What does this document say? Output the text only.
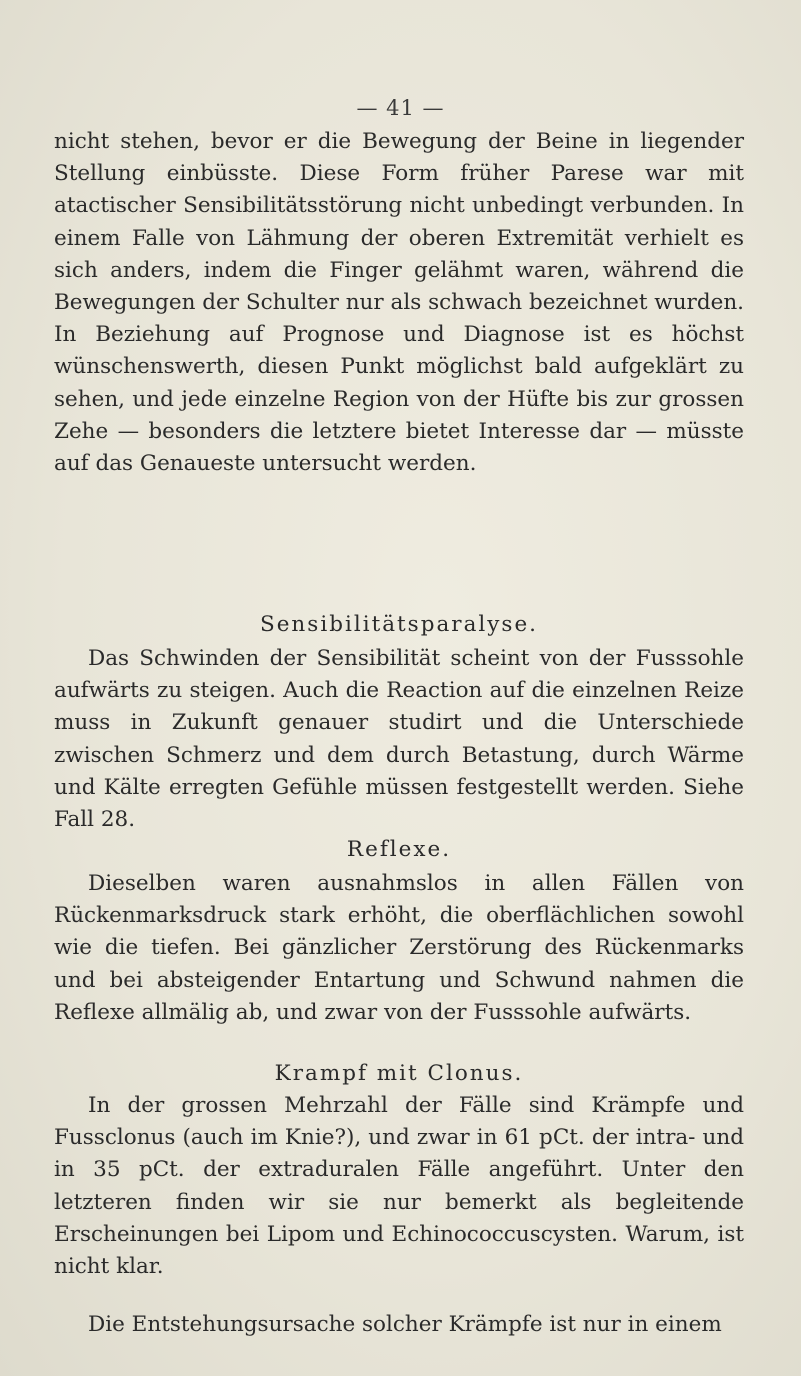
— 41 —

nicht stehen, bevor er die Bewegung der Beine in liegender Stellung einbüsste. Diese Form früher Parese war mit atactischer Sensibilitätsstörung nicht unbedingt verbunden. In einem Falle von Lähmung der oberen Extremität verhielt es sich anders, indem die Finger gelähmt waren, während die Bewegungen der Schulter nur als schwach bezeichnet wurden. In Beziehung auf Prognose und Diagnose ist es höchst wünschenswerth, diesen Punkt möglichst bald aufgeklärt zu sehen, und jede einzelne Region von der Hüfte bis zur grossen Zehe — besonders die letztere bietet Interesse dar — müsste auf das Genaueste untersucht werden.

Sensibilitätsparalyse.

Das Schwinden der Sensibilität scheint von der Fusssohle aufwärts zu steigen. Auch die Reaction auf die einzelnen Reize muss in Zukunft genauer studirt und die Unterschiede zwischen Schmerz und dem durch Betastung, durch Wärme und Kälte erregten Gefühle müssen festgestellt werden. Siehe Fall 28.

Reflexe.

Dieselben waren ausnahmslos in allen Fällen von Rückenmarksdruck stark erhöht, die oberflächlichen sowohl wie die tiefen. Bei gänzlicher Zerstörung des Rückenmarks und bei absteigender Entartung und Schwund nahmen die Reflexe allmälig ab, und zwar von der Fusssohle aufwärts.

Krampf mit Clonus.

In der grossen Mehrzahl der Fälle sind Krämpfe und Fussclonus (auch im Knie?), und zwar in 61 pCt. der intra- und in 35 pCt. der extraduralen Fälle angeführt. Unter den letzteren finden wir sie nur bemerkt als begleitende Erscheinungen bei Lipom und Echinococcuscysten. Warum, ist nicht klar.

Die Entstehungsursache solcher Krämpfe ist nur in einem
